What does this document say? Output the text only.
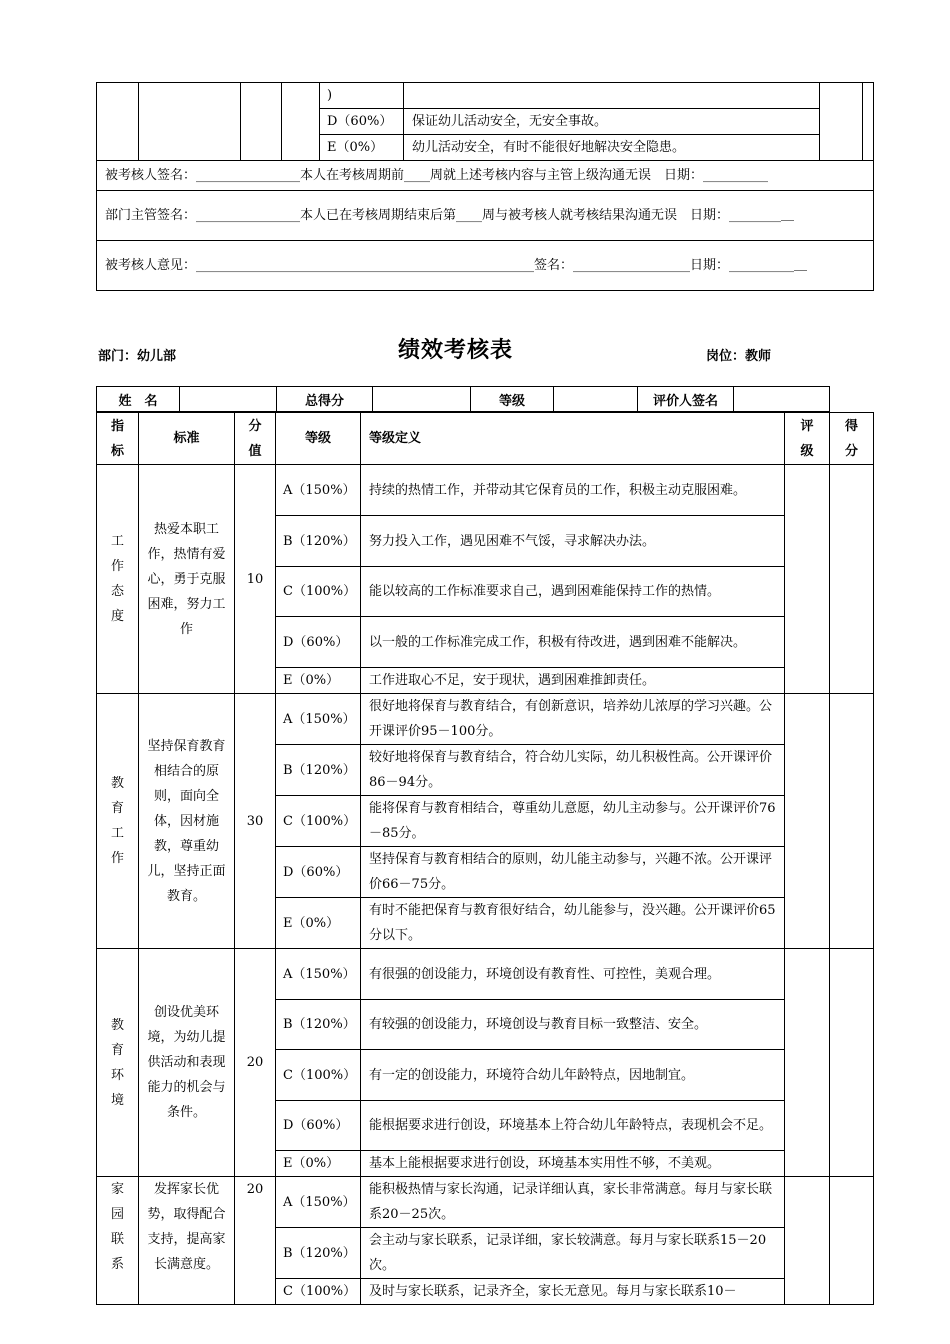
				)			
				D（60%）	保证幼儿活动安全，无安全事故。		
				E（0%）	幼儿活动安全，有时不能很好地解决安全隐患。		
被考核人签名：________________本人在考核周期前____周就上述考核内容与主管上级沟通无误　日期：__________							
部门主管签名：________________本人已在考核周期结束后第____周与被考核人就考核结果沟通无误　日期：________＿							
被考核人意见：____________________________________________________签名：__________________日期：__________＿							
部门：幼儿部	绩效考核表	岗位：教师
姓　名		总得分		等级		评价人签名	
指标	标准	分值	等级	等级定义	评级	得分
工作态度	热爱本职工作，热情有爱心，勇于克服困难，努力工作	10	A（150%）	持续的热情工作，并带动其它保育员的工作，积极主动克服困难。		
			B（120%）	努力投入工作，遇见困难不气馁，寻求解决办法。		
			C（100%）	能以较高的工作标准要求自己，遇到困难能保持工作的热情。		
			D（60%）	以一般的工作标准完成工作，积极有待改进，遇到困难不能解决。		
			E（0%）	工作进取心不足，安于现状，遇到困难推卸责任。		
教育工作	坚持保育教育相结合的原则，面向全体，因材施教，尊重幼儿，坚持正面教育。	30	A（150%）	很好地将保育与教育结合，有创新意识，培养幼儿浓厚的学习兴趣。公开课评价95－100分。		
			B（120%）	较好地将保育与教育结合，符合幼儿实际，幼儿积极性高。公开课评价86－94分。		
			C（100%）	能将保育与教育相结合，尊重幼儿意愿，幼儿主动参与。公开课评价76－85分。		
			D（60%）	坚持保育与教育相结合的原则，幼儿能主动参与，兴趣不浓。公开课评价66－75分。		
			E（0%）	有时不能把保育与教育很好结合，幼儿能参与，没兴趣。公开课评价65分以下。		
教育环境	创设优美环境，为幼儿提供活动和表现能力的机会与条件。	20	A（150%）	有很强的创设能力，环境创设有教育性、可控性，美观合理。		
			B（120%）	有较强的创设能力，环境创设与教育目标一致整洁、安全。		
			C（100%）	有一定的创设能力，环境符合幼儿年龄特点，因地制宜。		
			D（60%）	能根据要求进行创设，环境基本上符合幼儿年龄特点，表现机会不足。		
			E（0%）	基本上能根据要求进行创设，环境基本实用性不够，不美观。		
家园联系	发挥家长优势，取得配合支持，提高家长满意度。	20	A（150%）	能积极热情与家长沟通，记录详细认真，家长非常满意。每月与家长联系20－25次。		
			B（120%）	会主动与家长联系，记录详细，家长较满意。每月与家长联系15－20次。		
			C（100%）	及时与家长联系，记录齐全，家长无意见。每月与家长联系10－		
